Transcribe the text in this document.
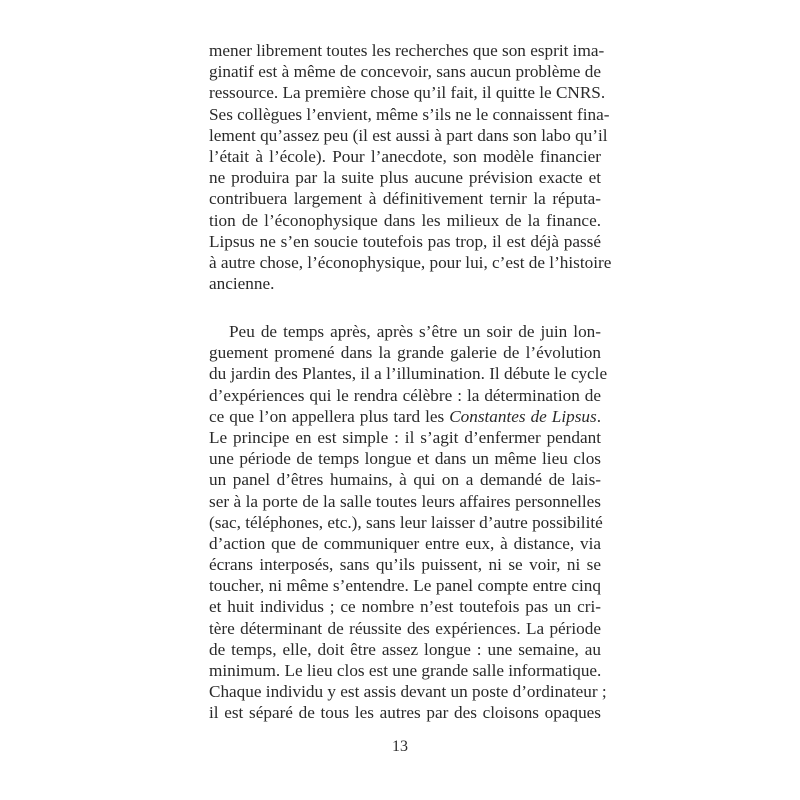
mener librement toutes les recherches que son esprit ima-
ginatif est à même de concevoir, sans aucun problème de
ressource. La première chose qu’il fait, il quitte le CNRS.
Ses collègues l’envient, même s’ils ne le connaissent fina-
lement qu’assez peu (il est aussi à part dans son labo qu’il
l’était à l’école). Pour l’anecdote, son modèle financier
ne produira par la suite plus aucune prévision exacte et
contribuera largement à définitivement ternir la réputa-
tion de l’éconophysique dans les milieux de la finance.
Lipsus ne s’en soucie toutefois pas trop, il est déjà passé
à autre chose, l’éconophysique, pour lui, c’est de l’histoire
ancienne.
Peu de temps après, après s’être un soir de juin lon-
guement promené dans la grande galerie de l’évolution
du jardin des Plantes, il a l’illumination. Il débute le cycle
d’expériences qui le rendra célèbre : la détermination de
ce que l’on appellera plus tard les Constantes de Lipsus.
Le principe en est simple : il s’agit d’enfermer pendant
une période de temps longue et dans un même lieu clos
un panel d’êtres humains, à qui on a demandé de lais-
ser à la porte de la salle toutes leurs affaires personnelles
(sac, téléphones, etc.), sans leur laisser d’autre possibilité
d’action que de communiquer entre eux, à distance, via
écrans interposés, sans qu’ils puissent, ni se voir, ni se
toucher, ni même s’entendre. Le panel compte entre cinq
et huit individus ; ce nombre n’est toutefois pas un cri-
tère déterminant de réussite des expériences. La période
de temps, elle, doit être assez longue : une semaine, au
minimum. Le lieu clos est une grande salle informatique.
Chaque individu y est assis devant un poste d’ordinateur ;
il est séparé de tous les autres par des cloisons opaques
13
